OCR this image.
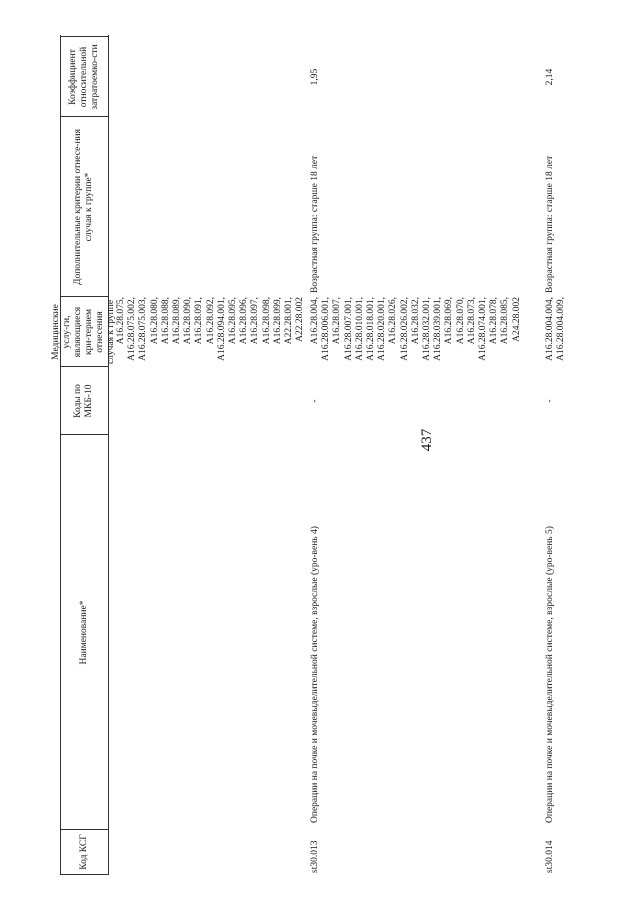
437
Код КСГ
Наименование*
Коды по МКБ-10
Медицинские услу-ги, являющиеся кри-терием отнесения случая к группе
Дополнительные критерии отнесе-ния случая к группе*
Коэффициент относительной затратоемко-сти
A16.28.075, A16.28.075.002, A16.28.075.003, A16.28.080, A16.28.088, A16.28.089, A16.28.090, A16.28.091, A16.28.092, A16.28.094.001, A16.28.095, A16.28.096, A16.28.097, A16.28.098, A16.28.099, A22.28.001, A22.28.002
st30.013
Операции на почке и мочевыделительной системе, взрослые (уро-вень 4)
-
A16.28.004, A16.28.006.001, A16.28.007, A16.28.007.001, A16.28.010.001, A16.28.018.001, A16.28.020.001, A16.28.026, A16.28.026.002, A16.28.032, A16.28.032.001, A16.28.039.001, A16.28.069, A16.28.070, A16.28.073, A16.28.074.001, A16.28.078, A16.28.085, A24.28.002
Возрастная группа: старше 18 лет
1,95
st30.014
Операции на почке и мочевыделительной системе, взрослые (уро-вень 5)
-
A16.28.004.004, A16.28.004.009,
Возрастная группа: старше 18 лет
2,14
